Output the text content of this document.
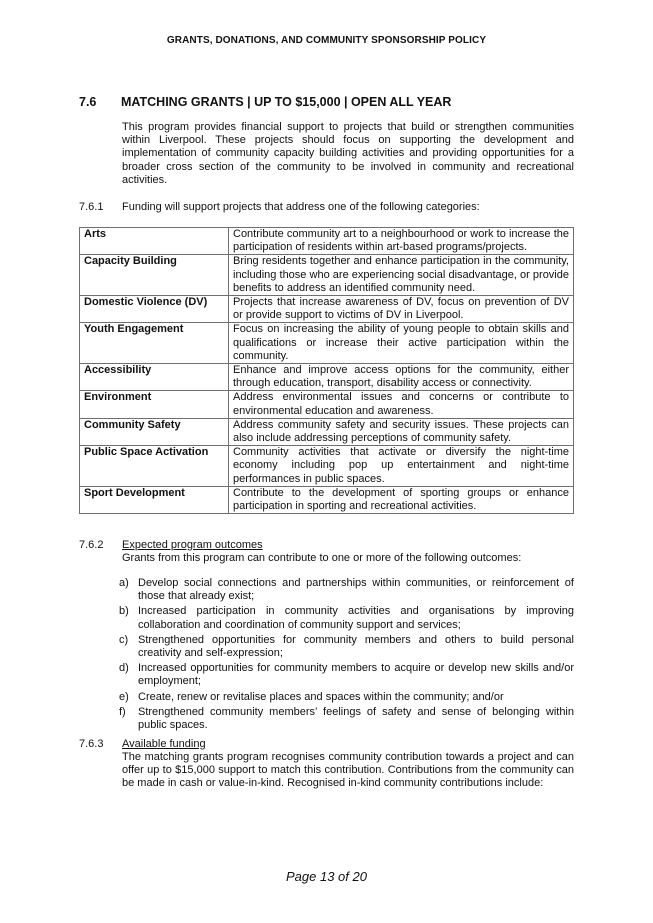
GRANTS, DONATIONS, AND COMMUNITY SPONSORSHIP POLICY
7.6 MATCHING GRANTS | UP TO $15,000 | OPEN ALL YEAR
This program provides financial support to projects that build or strengthen communities within Liverpool. These projects should focus on supporting the development and implementation of community capacity building activities and providing opportunities for a broader cross section of the community to be involved in community and recreational activities.
7.6.1 Funding will support projects that address one of the following categories:
Arts	Contribute community art to a neighbourhood or work to increase the participation of residents within art-based programs/projects.
Capacity Building	Bring residents together and enhance participation in the community, including those who are experiencing social disadvantage, or provide benefits to address an identified community need.
Domestic Violence (DV)	Projects that increase awareness of DV, focus on prevention of DV or provide support to victims of DV in Liverpool.
Youth Engagement	Focus on increasing the ability of young people to obtain skills and qualifications or increase their active participation within the community.
Accessibility	Enhance and improve access options for the community, either through education, transport, disability access or connectivity.
Environment	Address environmental issues and concerns or contribute to environmental education and awareness.
Community Safety	Address community safety and security issues. These projects can also include addressing perceptions of community safety.
Public Space Activation	Community activities that activate or diversify the night-time economy including pop up entertainment and night-time performances in public spaces.
Sport Development	Contribute to the development of sporting groups or enhance participation in sporting and recreational activities.
7.6.2 Expected program outcomes
Grants from this program can contribute to one or more of the following outcomes:
a) Develop social connections and partnerships within communities, or reinforcement of those that already exist;
b) Increased participation in community activities and organisations by improving collaboration and coordination of community support and services;
c) Strengthened opportunities for community members and others to build personal creativity and self-expression;
d) Increased opportunities for community members to acquire or develop new skills and/or employment;
e) Create, renew or revitalise places and spaces within the community; and/or
f) Strengthened community members’ feelings of safety and sense of belonging within public spaces.
7.6.3 Available funding
The matching grants program recognises community contribution towards a project and can offer up to $15,000 support to match this contribution. Contributions from the community can be made in cash or value-in-kind. Recognised in-kind community contributions include:
Page 13 of 20
